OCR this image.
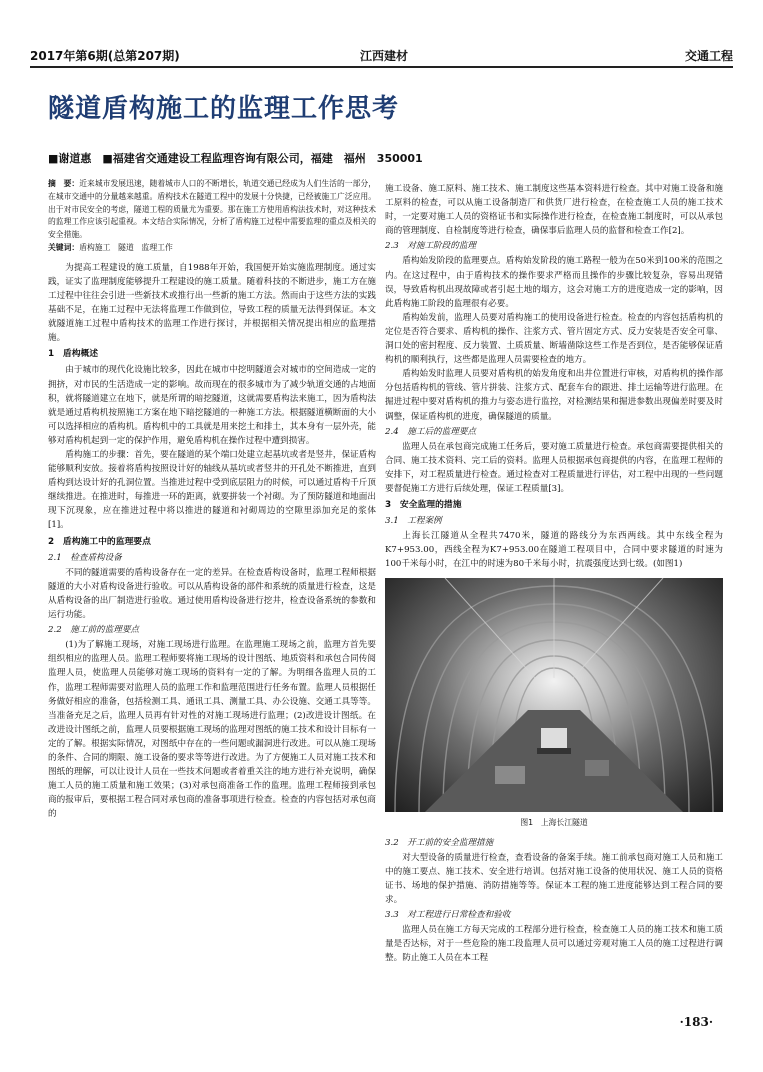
2017年第6期(总第207期)	江西建材	交通工程
隧道盾构施工的监理工作思考
■谢道惠　■福建省交通建设工程监理咨询有限公司，福建　福州　350001

摘　要：近来城市发展迅速，随着城市人口的不断增长，轨道交通已经成为人们生活的一部分，在城市交通中的分量越来越重。盾构技术在隧道工程中的发展十分快捷，已经被施工广泛应用。出于对市民安全的考虑，隧道工程的质量尤为重要。那在施工方使用盾构法技术时，对这种技术的监理工作应该引起重视。本文结合实际情况，分析了盾构施工过程中需要监理的重点及相关的安全措施。

关键词：盾构施工　隧道　监理工作

为提高工程建设的施工质量，自1988年开始，我国便开始实施监理制度。通过实践，证实了监理制度能够提升工程建设的施工质量。随着科技的不断进步，施工方在施工过程中往往会引进一些新技术或推行出一些新的施工方法。然而由于这些方法的实践基础不足，在施工过程中无法将监理工作做到位，导致工程的质量无法得到保证。本文就隧道施工过程中盾构技术的监理工作进行探讨，并根据相关情况提出相应的监理措施。

1　盾构概述

由于城市的现代化设施比较多，因此在城市中挖明隧道会对城市的空间造成一定的拥挤，对市民的生活造成一定的影响。故而现在的很多城市为了减少轨道交通的占地面积，就将隧道建立在地下，就是所谓的暗挖隧道，这就需要盾构法来施工，因为盾构法就是通过盾构机按照施工方案在地下暗挖隧道的一种施工方法。根据隧道横断面的大小可以选择相应的盾构机。盾构机中的工具就是用来挖土和排土，其本身有一层外壳，能够对盾构机起到一定的保护作用，避免盾构机在操作过程中遭到损害。

盾构施工的步骤：首先，要在隧道的某个端口处建立起基坑或者是竖井，保证盾构能够顺利安放。接着将盾构按照设计好的轴线从基坑或者竖井的开孔处不断推进，直到盾构到达设计好的孔洞位置。当推进过程中受到底层阻力的时候，可以通过盾构千斤顶继续推进。在推进时，每推进一环的距离，就要拼装一个衬砌。为了预防隧道和地面出现下沉现象，应在推进过程中将以推进的隧道和衬砌周边的空隙里添加充足的浆体[1]。

2　盾构施工中的监理要点
2.1　检查盾构设备

不同的隧道需要的盾构设备存在一定的差异。在检查盾构设备时，监理工程师根据隧道的大小对盾构设备进行验收。可以从盾构设备的部件和系统的质量进行检查，这是从盾构设备的出厂制造进行验收。通过使用盾构设备进行挖井，检查设备系统的参数和运行功能。

2.2　施工前的监理要点

(1)为了解施工现场，对施工现场进行监理。在监理施工现场之前，监理方首先要组织相应的监理人员。监理工程师要将施工现场的设计图纸、地质资料和承包合同传阅监理人员，使监理人员能够对施工现场的资料有一定的了解。为明细各监理人员的工作，监理工程师需要对监理人员的监理工作和监理范围进行任务布置。监理人员根据任务做好相应的准备，包括检测工具、通讯工具、测量工具、办公设施、交通工具等等。当准备充足之后，监理人员再有针对性的对施工现场进行监理；(2)改进设计图纸。在改进设计图纸之前，监理人员要根据施工现场的监理对图纸的施工技术和设计目标有一定的了解。根据实际情况，对图纸中存在的一些问题或漏洞进行改进。可以从施工现场的条件、合同的期限、施工设备的要求等等进行改进。为了方便施工人员对施工技术和图纸的理解，可以让设计人员在一些技术问题或者着重关注的地方进行补充说明，确保施工人员的施工质量和施工效果；(3)对承包商准备工作的监理。监理工程师接到承包商的报审后，要根据工程合同对承包商的准备事项进行检查。检查的内容包括对承包商的

施工设备、施工原料、施工技术、施工制度这些基本资料进行检查。其中对施工设备和施工原料的检查，可以从施工设备制造厂和供货厂进行检查，在检查施工人员的施工技术时，一定要对施工人员的资格证书和实际操作进行检查，在检查施工制度时，可以从承包商的管理制度、自检制度等进行检查，确保事后监理人员的监督和检查工作[2]。

2.3　对施工阶段的监理

盾构始发阶段的监理要点。盾构始发阶段的施工路程一般为在50米到100米的范围之内。在这过程中，由于盾构技术的操作要求严格而且操作的步骤比较复杂，容易出现错误，导致盾构机出现故障或者引起土地的塌方，这会对施工方的进度造成一定的影响，因此盾构施工阶段的监理很有必要。

盾构始发前，监理人员要对盾构施工的使用设备进行检查。检查的内容包括盾构机的定位是否符合要求、盾构机的操作、注浆方式、管片固定方式、反力安装是否安全可靠、洞口处的密封程度、反力装置、土质质量、断墙凿除这些工作是否到位，是否能够保证盾构机的顺利执行，这些都是监理人员需要检查的地方。

盾构始发时监理人员要对盾构机的始发角度和出井位置进行审核，对盾构机的操作部分包括盾构机的管线、管片拼装、注浆方式、配套车台的跟进、排土运输等进行监理。在掘进过程中要对盾构机的推力与姿态进行监控，对检测结果和掘进参数出现偏差时要及时调整，保证盾构机的进度，确保隧道的质量。

2.4　施工后的监理要点

监理人员在承包商完成施工任务后，要对施工质量进行检查。承包商需要提供相关的合同、施工技术资料、完工后的资料。监理人员根据承包商提供的内容，在监理工程师的安排下，对工程质量进行检查。通过检查对工程质量进行评估，对工程中出现的一些问题要督促施工方进行后续处理，保证工程质量[3]。

3　安全监理的措施
3.1　工程案例

上海长江隧道从全程共7470米，隧道的路线分为东西两线。其中东线全程为K7+953.00，西线全程为K7+953.00在隧道工程项目中，合同中要求隧道的时速为100千米每小时，在江中的时速为80千米每小时，抗震强度达到七级。(如图1)

图1　上海长江隧道
3.2　开工前的安全监理措施

对大型设备的质量进行检查，查看设备的备案手续。施工前承包商对施工人员和施工中的施工要点、施工技术、安全进行培训。包括对施工设备的使用状况、施工人员的资格证书、场地的保护措施、消防措施等等。保证本工程的施工进度能够达到工程合同的要求。

3.3　对工程进行日常检查和验收

监理人员在施工方每天完成的工程部分进行检查，检查施工人员的施工技术和施工质量是否达标，对于一些危险的施工段监理人员可以通过旁观对施工人员的施工过程进行调整。防止施工人员在本工程

·183·
